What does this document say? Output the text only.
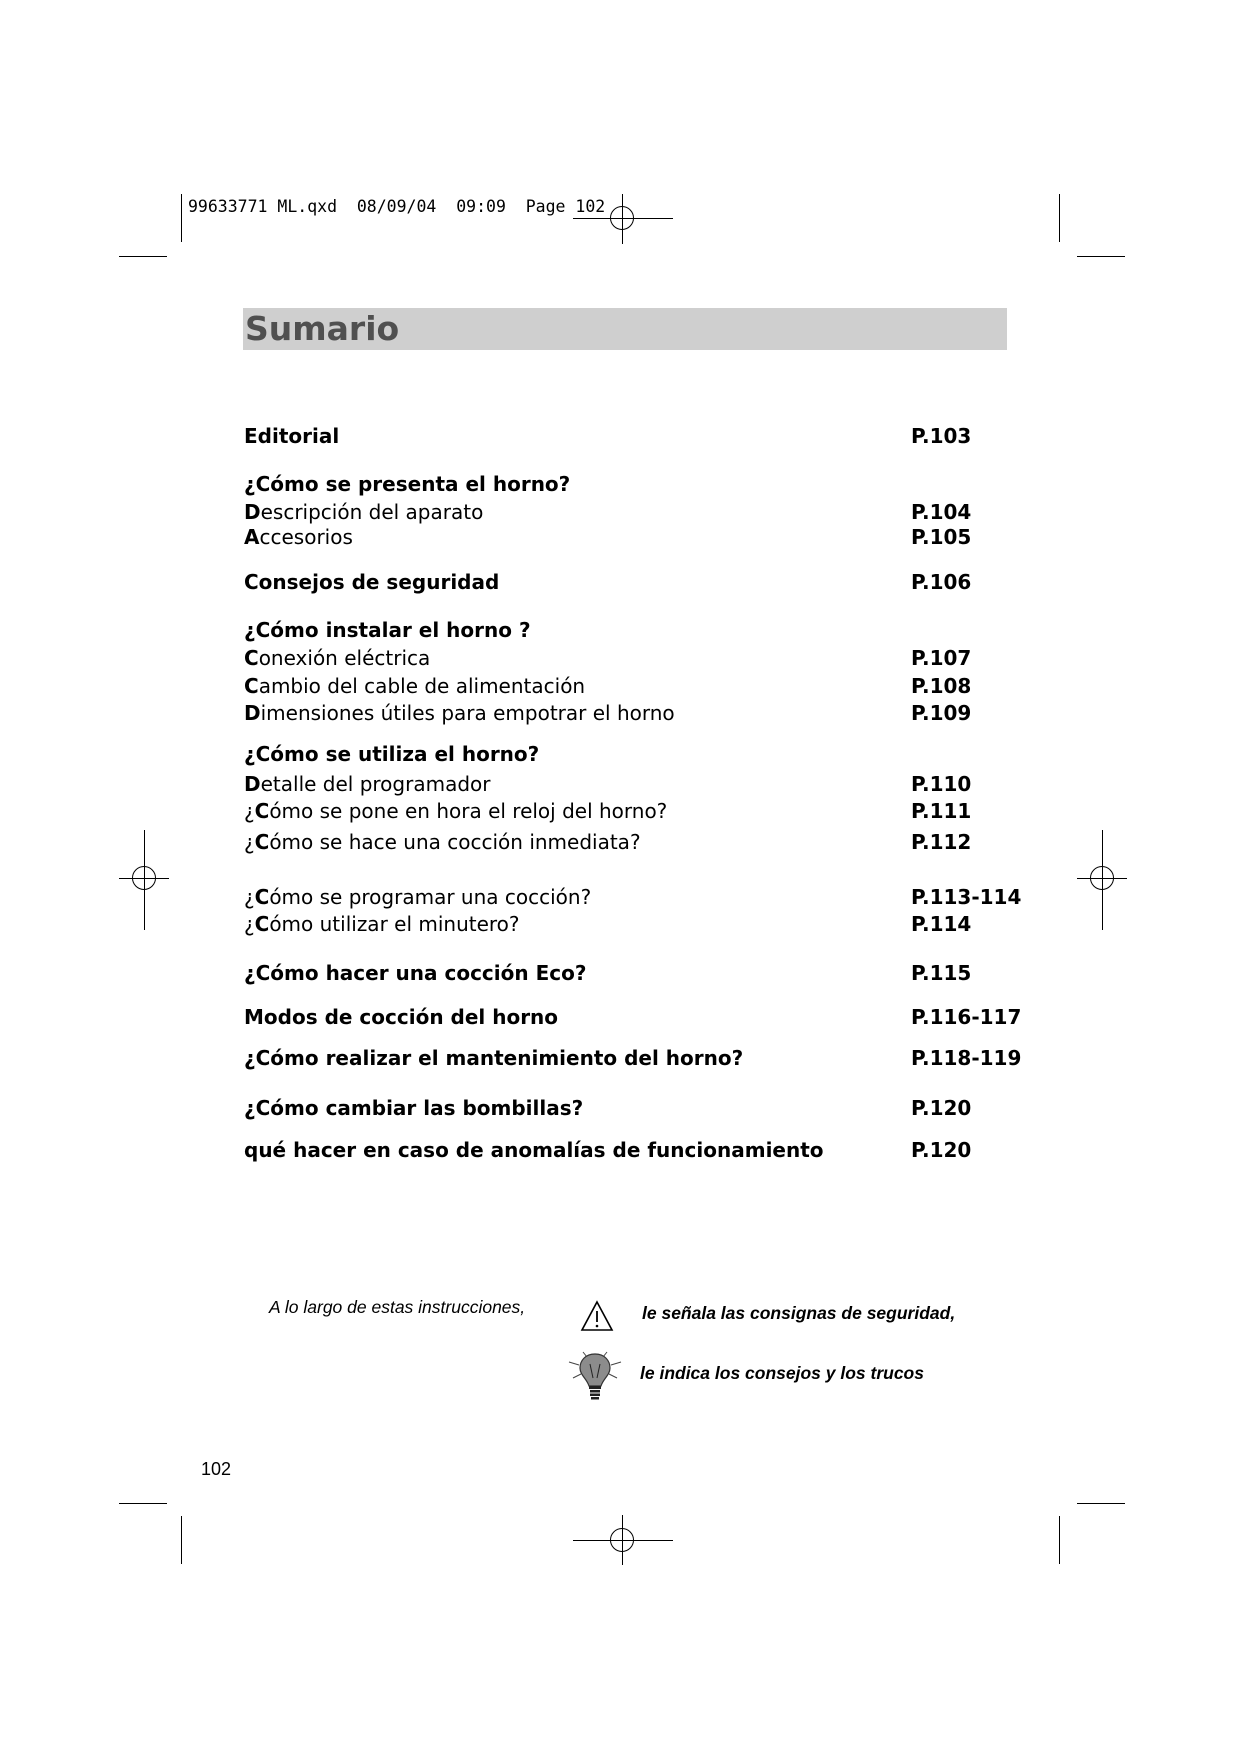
99633771 ML.qxd  08/09/04  09:09  Page 102
Sumario
Editorial	P.103
¿Cómo se presenta el horno?
Descripción del aparato	P.104
Accesorios	P.105
Consejos de seguridad	P.106
¿Cómo instalar el horno ?
Conexión eléctrica	P.107
Cambio del cable de alimentación	P.108
Dimensiones útiles para empotrar el horno	P.109
¿Cómo se utiliza el horno?
Detalle del programador	P.110
¿Cómo se pone en hora el reloj del horno?	P.111
¿Cómo se hace una cocción inmediata?	P.112
¿Cómo se programar una cocción?	P.113-114
¿Cómo utilizar el minutero?	P.114
¿Cómo hacer una cocción Eco?	P.115
Modos de cocción del horno	P.116-117
¿Cómo realizar el mantenimiento del horno?	P.118-119
¿Cómo cambiar las bombillas?	P.120
qué hacer en caso de anomalías de funcionamiento	P.120
A lo largo de estas instrucciones,	le señala las consignas de seguridad,
le indica los consejos y los trucos
102
